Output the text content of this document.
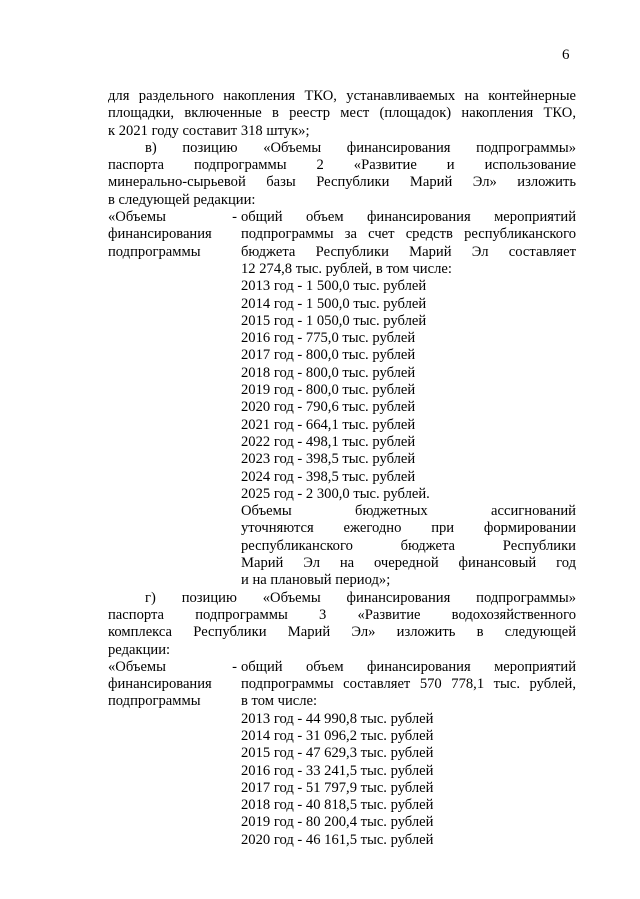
6
для раздельного накопления ТКО, устанавливаемых на контейнерные
площадки, включенные в реестр мест (площадок) накопления ТКО,
к 2021 году составит 318 штук»;
в) позицию «Объемы финансирования подпрограммы»
паспорта подпрограммы 2 «Развитие и использование
минерально-сырьевой базы Республики Марий Эл» изложить
в следующей редакции:
«Объемы	-
финансирования
подпрограммы
общий объем финансирования мероприятий
подпрограммы за счет средств республиканского
бюджета Республики Марий Эл составляет
12 274,8 тыс. рублей, в том числе:
2013 год - 1 500,0 тыс. рублей
2014 год - 1 500,0 тыс. рублей
2015 год - 1 050,0 тыс. рублей
2016 год - 775,0 тыс. рублей
2017 год - 800,0 тыс. рублей
2018 год - 800,0 тыс. рублей
2019 год - 800,0 тыс. рублей
2020 год - 790,6 тыс. рублей
2021 год - 664,1 тыс. рублей
2022 год - 498,1 тыс. рублей
2023 год - 398,5 тыс. рублей
2024 год - 398,5 тыс. рублей
2025 год - 2 300,0 тыс. рублей.
Объемы бюджетных ассигнований
уточняются ежегодно при формировании
республиканского бюджета Республики
Марий Эл на очередной финансовый год
и на плановый период»;
г) позицию «Объемы финансирования подпрограммы»
паспорта подпрограммы 3 «Развитие водохозяйственного
комплекса Республики Марий Эл» изложить в следующей
редакции:
«Объемы	-
финансирования
подпрограммы
общий объем финансирования мероприятий
подпрограммы составляет 570 778,1 тыс. рублей,
в том числе:
2013 год - 44 990,8 тыс. рублей
2014 год - 31 096,2 тыс. рублей
2015 год - 47 629,3 тыс. рублей
2016 год - 33 241,5 тыс. рублей
2017 год - 51 797,9 тыс. рублей
2018 год - 40 818,5 тыс. рублей
2019 год - 80 200,4 тыс. рублей
2020 год - 46 161,5 тыс. рублей
